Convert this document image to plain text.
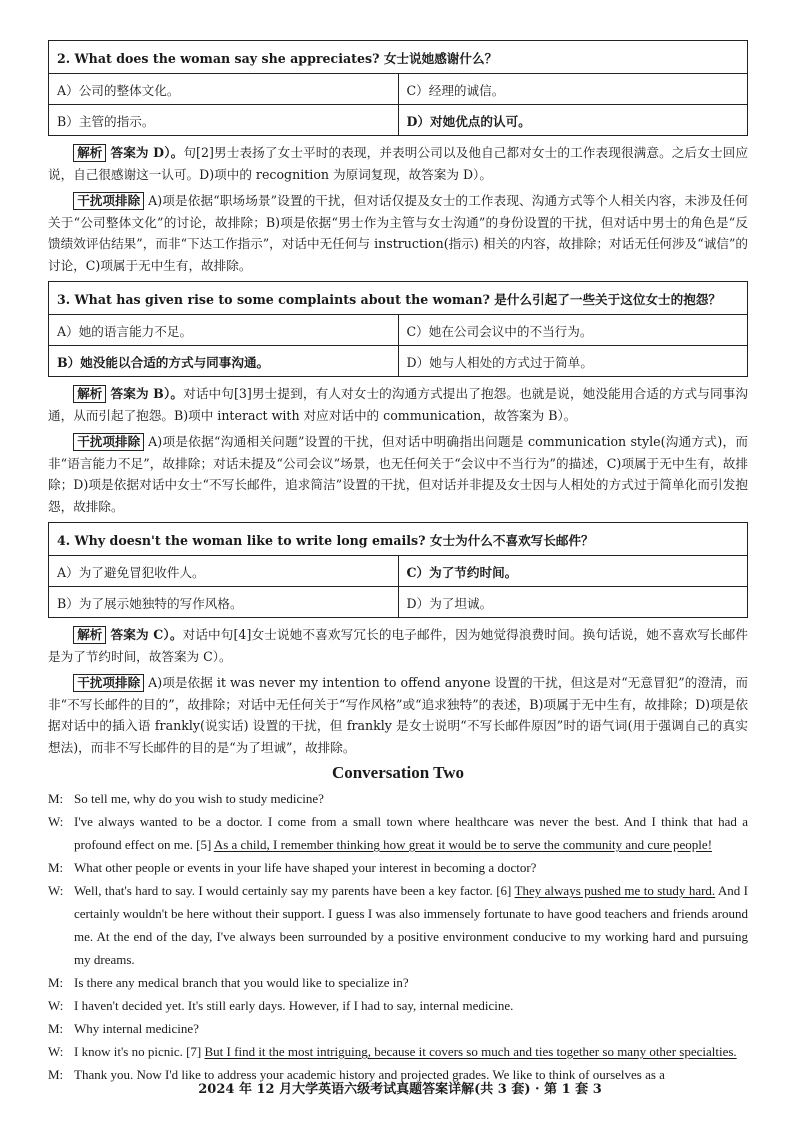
2. What does the woman say she appreciates? 女士说她感谢什么？	
A）公司的整体文化。	C）经理的诚信。
B）主管的指示。	D）对她优点的认可。

解析 答案为 D）。句[2]男士表扬了女士平时的表现，并表明公司以及他自己都对女士的工作表现很满意。之后女士回应说，自己很感谢这一认可。D)项中的 recognition 为原词复现，故答案为 D）。

干扰项排除 A)项是依据“职场场景”设置的干扰，但对话仅提及女士的工作表现、沟通方式等个人相关内容，未涉及任何关于“公司整体文化”的讨论，故排除；B)项是依据“男士作为主管与女士沟通”的身份设置的干扰，但对话中男士的角色是“反馈绩效评估结果”，而非“下达工作指示”，对话中无任何与 instruction(指示) 相关的内容，故排除；对话无任何涉及“诚信”的讨论，C)项属于无中生有，故排除。

3. What has given rise to some complaints about the woman? 是什么引起了一些关于这位女士的抱怨？	
A）她的语言能力不足。	C）她在公司会议中的不当行为。
B）她没能以合适的方式与同事沟通。	D）她与人相处的方式过于简单。

解析 答案为 B）。对话中句[3]男士提到，有人对女士的沟通方式提出了抱怨。也就是说，她没能用合适的方式与同事沟通，从而引起了抱怨。B)项中 interact with 对应对话中的 communication，故答案为 B）。

干扰项排除 A)项是依据“沟通相关问题”设置的干扰，但对话中明确指出问题是 communication style(沟通方式)，而非“语言能力不足”，故排除；对话未提及“公司会议”场景，也无任何关于“会议中不当行为”的描述，C)项属于无中生有，故排除；D)项是依据对话中女士“不写长邮件，追求简洁”设置的干扰，但对话并非提及女士因与人相处的方式过于简单化而引发抱怨，故排除。

4. Why doesn't the woman like to write long emails? 女士为什么不喜欢写长邮件？	
A）为了避免冒犯收件人。	C）为了节约时间。
B）为了展示她独特的写作风格。	D）为了坦诚。

解析 答案为 C）。对话中句[4]女士说她不喜欢写冗长的电子邮件，因为她觉得浪费时间。换句话说，她不喜欢写长邮件是为了节约时间，故答案为 C）。

干扰项排除 A)项是依据 it was never my intention to offend anyone 设置的干扰，但这是对“无意冒犯”的澄清，而非“不写长邮件的目的”，故排除；对话中无任何关于“写作风格”或“追求独特”的表述，B)项属于无中生有，故排除；D)项是依据对话中的插入语 frankly(说实话) 设置的干扰，但 frankly 是女士说明“不写长邮件原因”时的语气词(用于强调自己的真实想法)，而非不写长邮件的目的是“为了坦诚”，故排除。

Conversation Two
M: So tell me, why do you wish to study medicine?
W: I've always wanted to be a doctor. I come from a small town where healthcare was never the best. And I think that had a profound effect on me. [5] As a child, I remember thinking how great it would be to serve the community and cure people!
M: What other people or events in your life have shaped your interest in becoming a doctor?
W: Well, that's hard to say. I would certainly say my parents have been a key factor. [6] They always pushed me to study hard. And I certainly wouldn't be here without their support. I guess I was also immensely fortunate to have good teachers and friends around me. At the end of the day, I've always been surrounded by a positive environment conducive to my working hard and pursuing my dreams.
M: Is there any medical branch that you would like to specialize in?
W: I haven't decided yet. It's still early days. However, if I had to say, internal medicine.
M: Why internal medicine?
W: I know it's no picnic. [7] But I find it the most intriguing, because it covers so much and ties together so many other specialties.
M: Thank you. Now I'd like to address your academic history and projected grades. We like to think of ourselves as a
2024 年 12 月大学英语六级考试真题答案详解(共 3 套) · 第 1 套 3
